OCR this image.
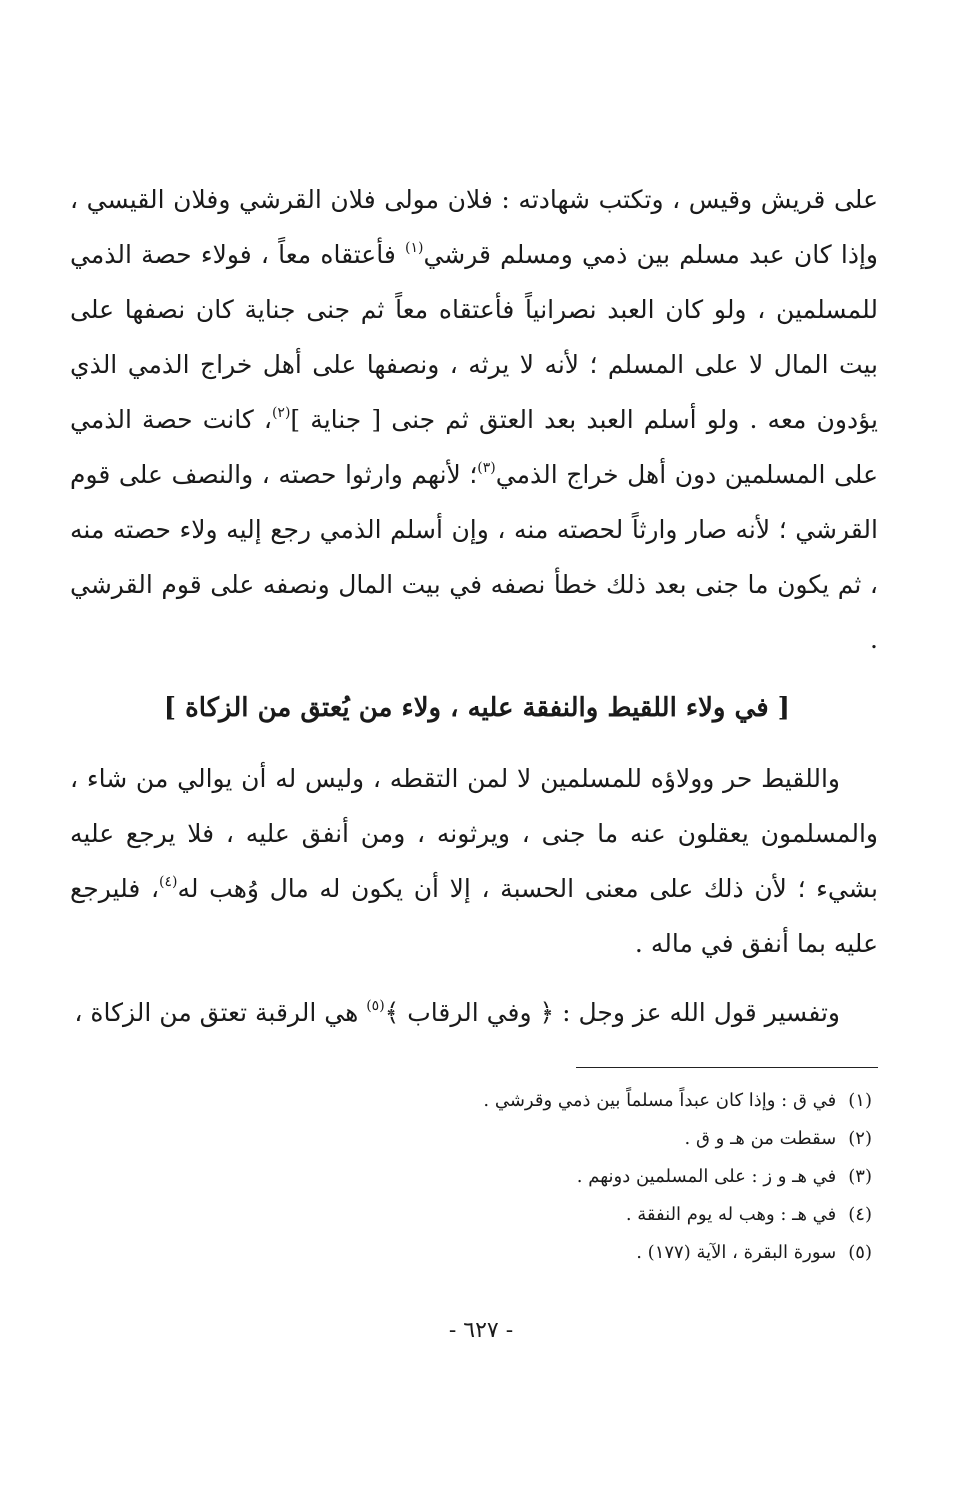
على قريش وقيس ، وتكتب شهادته : فلان مولى فلان القرشي وفلان القيسي ، وإذا كان عبد مسلم بين ذمي ومسلم قرشي$^{(١)}$ فأعتقاه معاً ، فولاء حصة الذمي للمسلمين ، ولو كان العبد نصرانياً فأعتقاه معاً ثم جنى جناية كان نصفها على بيت المال لا على المسلم ؛ لأنه لا يرثه ، ونصفها على أهل خراج الذمي الذي يؤدون معه . ولو أسلم العبد بعد العتق ثم جنى [ جناية ]$^{(٢)}$، كانت حصة الذمي على المسلمين دون أهل خراج الذمي$^{(٣)}$؛ لأنهم وارثوا حصته ، والنصف على قوم القرشي ؛ لأنه صار وارثاً لحصته منه ، وإن أسلم الذمي رجع إليه ولاء حصته منه ، ثم يكون ما جنى بعد ذلك خطأ نصفه في بيت المال ونصفه على قوم القرشي .

[ في ولاء اللقيط والنفقة عليه ، ولاء من يُعتق من الزكاة ]

واللقيط حر وولاؤه للمسلمين لا لمن التقطه ، وليس له أن يوالي من شاء ، والمسلمون يعقلون عنه ما جنى ، ويرثونه ، ومن أنفق عليه ، فلا يرجع عليه بشيء ؛ لأن ذلك على معنى الحسبة ، إلا أن يكون له مال وُهب له$^{(٤)}$، فليرجع عليه بما أنفق في ماله .

وتفسير قول الله عز وجل : ﴿ وفي الرقاب ﴾$^{(٥)}$ هي الرقبة تعتق من الزكاة ،

(١)
في ق : وإذا كان عبداً مسلماً بين ذمي وقرشي .
(٢)
سقطت من هـ و ق .
(٣)
في هـ و ز : على المسلمين دونهم .
(٤)
في هـ : وهب له يوم النفقة .
(٥)
سورة البقرة ، الآية (١٧٧) .
- ٦٢٧ -
